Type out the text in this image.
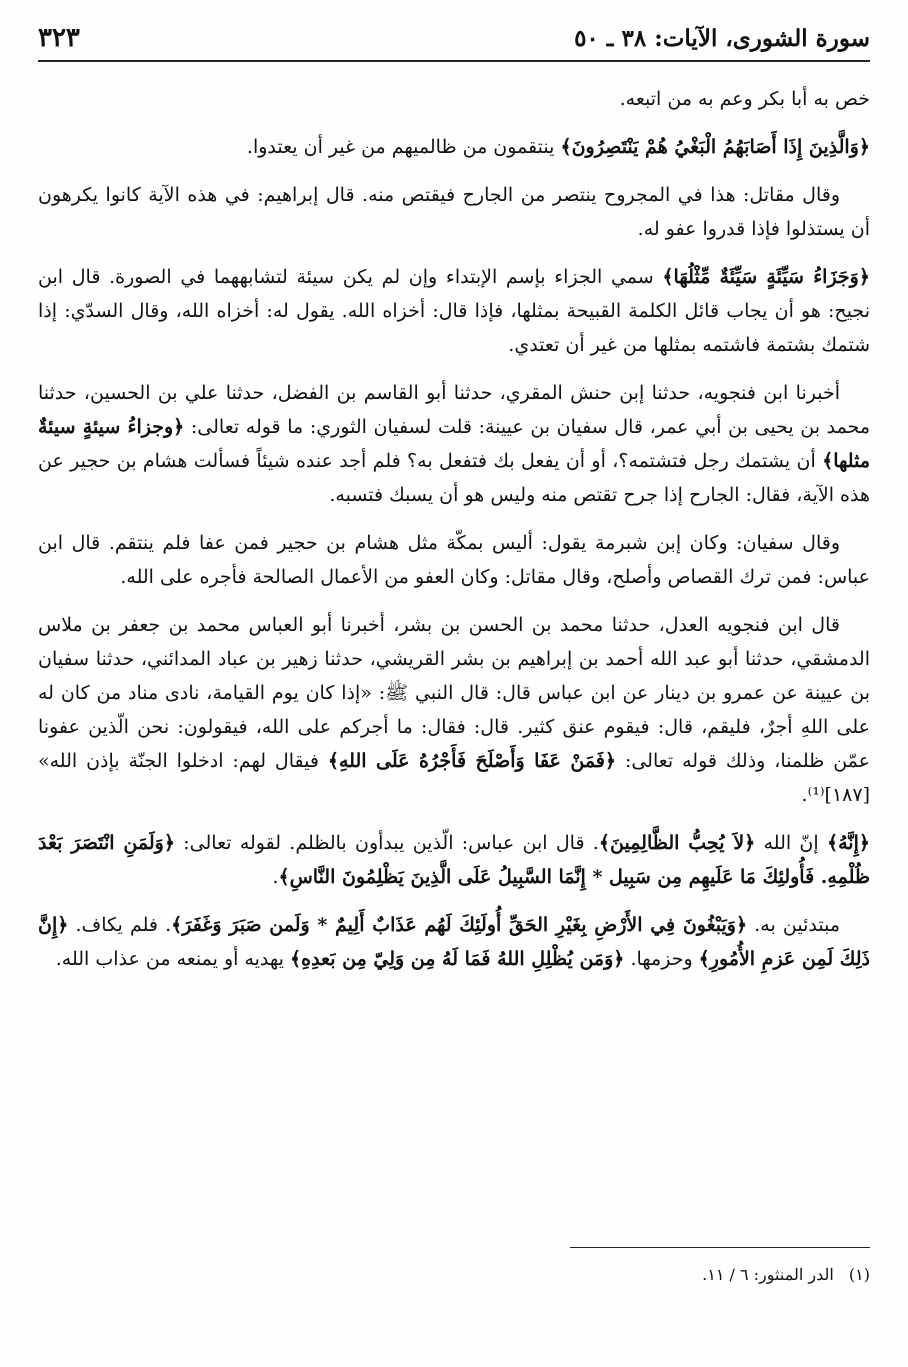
سورة الشورى، الآيات: ٣٨ ـ ٥٠
٣٢٣

خص به أبا بكر وعم به من اتبعه.

﴿وَالَّذِينَ إِذَا أَصَابَهُمُ الْبَغْيُ هُمْ يَنْتَصِرُونَ﴾ ينتقمون من ظالميهم من غير أن يعتدوا.

وقال مقاتل: هذا في المجروح ينتصر من الجارح فيقتص منه. قال إبراهيم: في هذه الآية كانوا يكرهون أن يستذلوا فإذا قدروا عفو له.

﴿وَجَزَاءُ سَيِّئَةٍ سَيِّئَةٌ مِّثْلُهَا﴾ سمي الجزاء بإسم الإبتداء وإن لم يكن سيئة لتشابههما في الصورة. قال ابن نجيح: هو أن يجاب قائل الكلمة القبيحة بمثلها، فإذا قال: أخزاه الله. يقول له: أخزاه الله، وقال السدّي: إذا شتمك بشتمة فاشتمه بمثلها من غير أن تعتدي.

أخبرنا ابن فنجويه، حدثنا إبن حنش المقري، حدثنا أبو القاسم بن الفضل، حدثنا علي بن الحسين، حدثنا محمد بن يحيى بن أبي عمر، قال سفيان بن عيينة: قلت لسفيان الثوري: ما قوله تعالى: ﴿وجزاءُ سيئةٍ سيئةٌ مثلها﴾ أن يشتمك رجل فتشتمه؟، أو أن يفعل بك فتفعل به؟ فلم أجد عنده شيئاً فسألت هشام بن حجير عن هذه الآية، فقال: الجارح إذا جرح تقتص منه وليس هو أن يسبك فتسبه.

وقال سفيان: وكان إبن شبرمة يقول: أليس بمكّة مثل هشام بن حجير فمن عفا فلم ينتقم. قال ابن عباس: فمن ترك القصاص وأصلح، وقال مقاتل: وكان العفو من الأعمال الصالحة فأجره على الله.

قال ابن فنجويه العدل، حدثنا محمد بن الحسن بن بشر، أخبرنا أبو العباس محمد بن جعفر بن ملاس الدمشقي، حدثنا أبو عبد الله أحمد بن إبراهيم بن بشر القريشي، حدثنا زهير بن عباد المدائني، حدثنا سفيان بن عيينة عن عمرو بن دينار عن ابن عباس قال: قال النبي ﷺ: «إذا كان يوم القيامة، نادى مناد من كان له على اللهِ أجرٌ، فليقم، قال: فيقوم عنق كثير. قال: فقال: ما أجركم على الله، فيقولون: نحن الّذين عفونا عمّن ظلمنا، وذلك قوله تعالى: ﴿فَمَنْ عَفَا وَأَصْلَحَ فَأَجْرُهُ عَلَى اللهِ﴾ فيقال لهم: ادخلوا الجنّة بإذن الله» [١٨٧]⁽¹⁾.

﴿إِنَّهُ﴾ إنّ الله ﴿لاَ يُحِبُّ الظَّالِمِينَ﴾. قال ابن عباس: الّذين يبدأون بالظلم. لقوله تعالى: ﴿وَلَمَنِ انْتَصَرَ بَعْدَ ظُلْمِهِ. فَأُولئِكَ مَا عَلَيهِم مِن سَبِيل * إِنَّمَا السَّبِيلُ عَلَى الَّذِينَ يَظْلِمُونَ النَّاسِ﴾.

مبتدئين به. ﴿وَيَبْغُونَ فِي الأَرْضِ بِغَيْرِ الحَقِّ أُولَئِكَ لَهُم عَذَابٌ أَلِيمٌ * وَلَمن صَبَرَ وَغَفَرَ﴾. فلم يكاف. ﴿إِنَّ ذَلِكَ لَمِن عَزمِ الأُمُورِ﴾ وحزمها. ﴿وَمَن يُظْلِلِ اللهُ فَمَا لَهُ مِن وَلِيّ مِن بَعدِهِ﴾ يهديه أو يمنعه من عذاب الله.

(١) الدر المنثور: ٦ / ١١.
